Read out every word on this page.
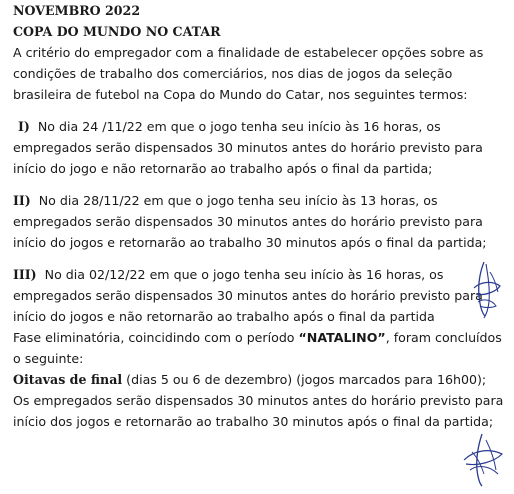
NOVEMBRO 2022
COPA DO MUNDO NO CATAR
A critério do empregador com a finalidade de estabelecer opções sobre as
condições de trabalho dos comerciários, nos dias de jogos da seleção
brasileira de futebol na Copa do Mundo do Catar, nos seguintes termos:
I) No dia 24 /11/22 em que o jogo tenha seu início às 16 horas, os
empregados serão dispensados 30 minutos antes do horário previsto para
início do jogo e não retornarão ao trabalho após o final da partida;
II) No dia 28/11/22 em que o jogo tenha seu início às 13 horas, os
empregados serão dispensados 30 minutos antes do horário previsto para
início do jogos e retornarão ao trabalho 30 minutos após o final da partida;
III) No dia 02/12/22 em que o jogo tenha seu início às 16 horas, os
empregados serão dispensados 30 minutos antes do horário previsto para
início do jogos e não retornarão ao trabalho após o final da partida
Fase eliminatória, coincidindo com o período “NATALINO”, foram concluídos
o seguinte:
Oitavas de final (dias 5 ou 6 de dezembro) (jogos marcados para 16h00);
Os empregados serão dispensados 30 minutos antes do horário previsto para
início dos jogos e retornarão ao trabalho 30 minutos após o final da partida;
